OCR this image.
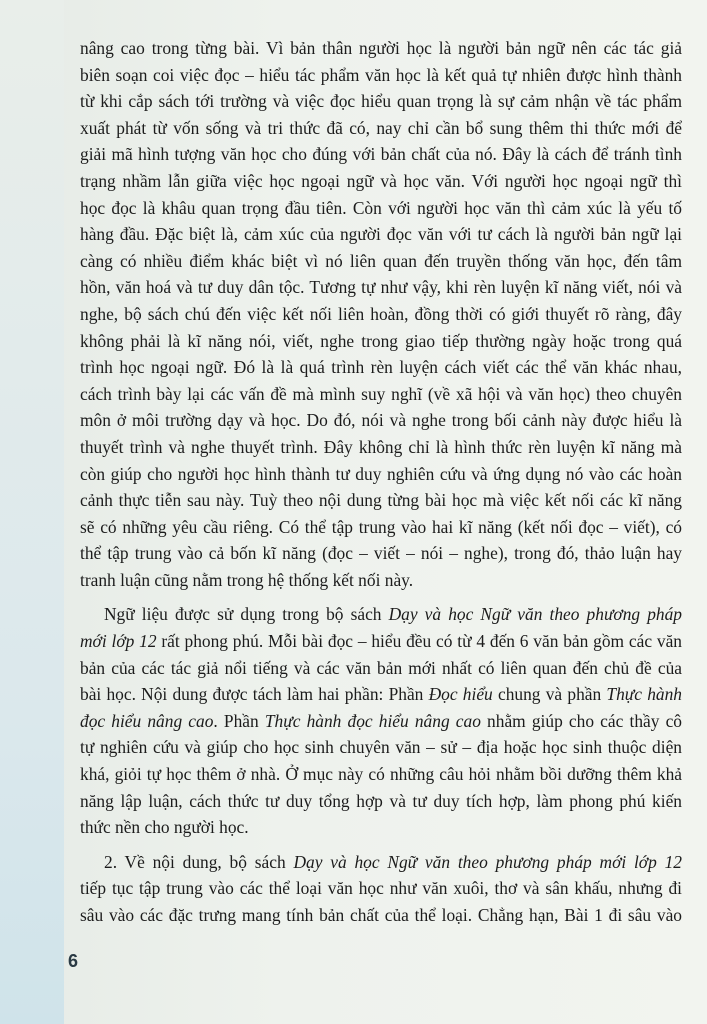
nâng cao trong từng bài. Vì bản thân người học là người bản ngữ nên các tác giả
biên soạn coi việc đọc – hiểu tác phẩm văn học là kết quả tự nhiên được hình thành
từ khi cắp sách tới trường và việc đọc hiểu quan trọng là sự cảm nhận về tác phẩm
xuất phát từ vốn sống và tri thức đã có, nay chỉ cần bổ sung thêm thi thức mới để
giải mã hình tượng văn học cho đúng với bản chất của nó. Đây là cách để tránh tình
trạng nhầm lẫn giữa việc học ngoại ngữ và học văn. Với người học ngoại ngữ thì
học đọc là khâu quan trọng đầu tiên. Còn với người học văn thì cảm xúc là yếu tố
hàng đầu. Đặc biệt là, cảm xúc của người đọc văn với tư cách là người bản ngữ lại
càng có nhiều điểm khác biệt vì nó liên quan đến truyền thống văn học, đến tâm
hồn, văn hoá và tư duy dân tộc. Tương tự như vậy, khi rèn luyện kĩ năng viết, nói và
nghe, bộ sách chú đến việc kết nối liên hoàn, đồng thời có giới thuyết rõ ràng, đây
không phải là kĩ năng nói, viết, nghe trong giao tiếp thường ngày hoặc trong quá
trình học ngoại ngữ. Đó là là quá trình rèn luyện cách viết các thể văn khác nhau,
cách trình bày lại các vấn đề mà mình suy nghĩ (về xã hội và văn học) theo chuyên
môn ở môi trường dạy và học. Do đó, nói và nghe trong bối cảnh này được hiểu là
thuyết trình và nghe thuyết trình. Đây không chỉ là hình thức rèn luyện kĩ năng mà
còn giúp cho người học hình thành tư duy nghiên cứu và ứng dụng nó vào các hoàn
cảnh thực tiễn sau này. Tuỳ theo nội dung từng bài học mà việc kết nối các kĩ năng
sẽ có những yêu cầu riêng. Có thể tập trung vào hai kĩ năng (kết nối đọc – viết), có
thể tập trung vào cả bốn kĩ năng (đọc – viết – nói – nghe), trong đó, thảo luận hay
tranh luận cũng nằm trong hệ thống kết nối này.

Ngữ liệu được sử dụng trong bộ sách Dạy và học Ngữ văn theo phương pháp
mới lớp 12 rất phong phú. Mỗi bài đọc – hiểu đều có từ 4 đến 6 văn bản gồm các văn
bản của các tác giả nổi tiếng và các văn bản mới nhất có liên quan đến chủ đề của
bài học. Nội dung được tách làm hai phần: Phần Đọc hiểu chung và phần Thực hành
đọc hiểu nâng cao. Phần Thực hành đọc hiểu nâng cao nhằm giúp cho các thầy cô
tự nghiên cứu và giúp cho học sinh chuyên văn – sử – địa hoặc học sinh thuộc diện
khá, giỏi tự học thêm ở nhà. Ở mục này có những câu hỏi nhằm bồi dưỡng thêm khả
năng lập luận, cách thức tư duy tổng hợp và tư duy tích hợp, làm phong phú kiến
thức nền cho người học.

2. Về nội dung, bộ sách Dạy và học Ngữ văn theo phương pháp mới lớp 12
tiếp tục tập trung vào các thể loại văn học như văn xuôi, thơ và sân khấu, nhưng đi
sâu vào các đặc trưng mang tính bản chất của thể loại. Chẳng hạn, Bài 1 đi sâu vào

6
